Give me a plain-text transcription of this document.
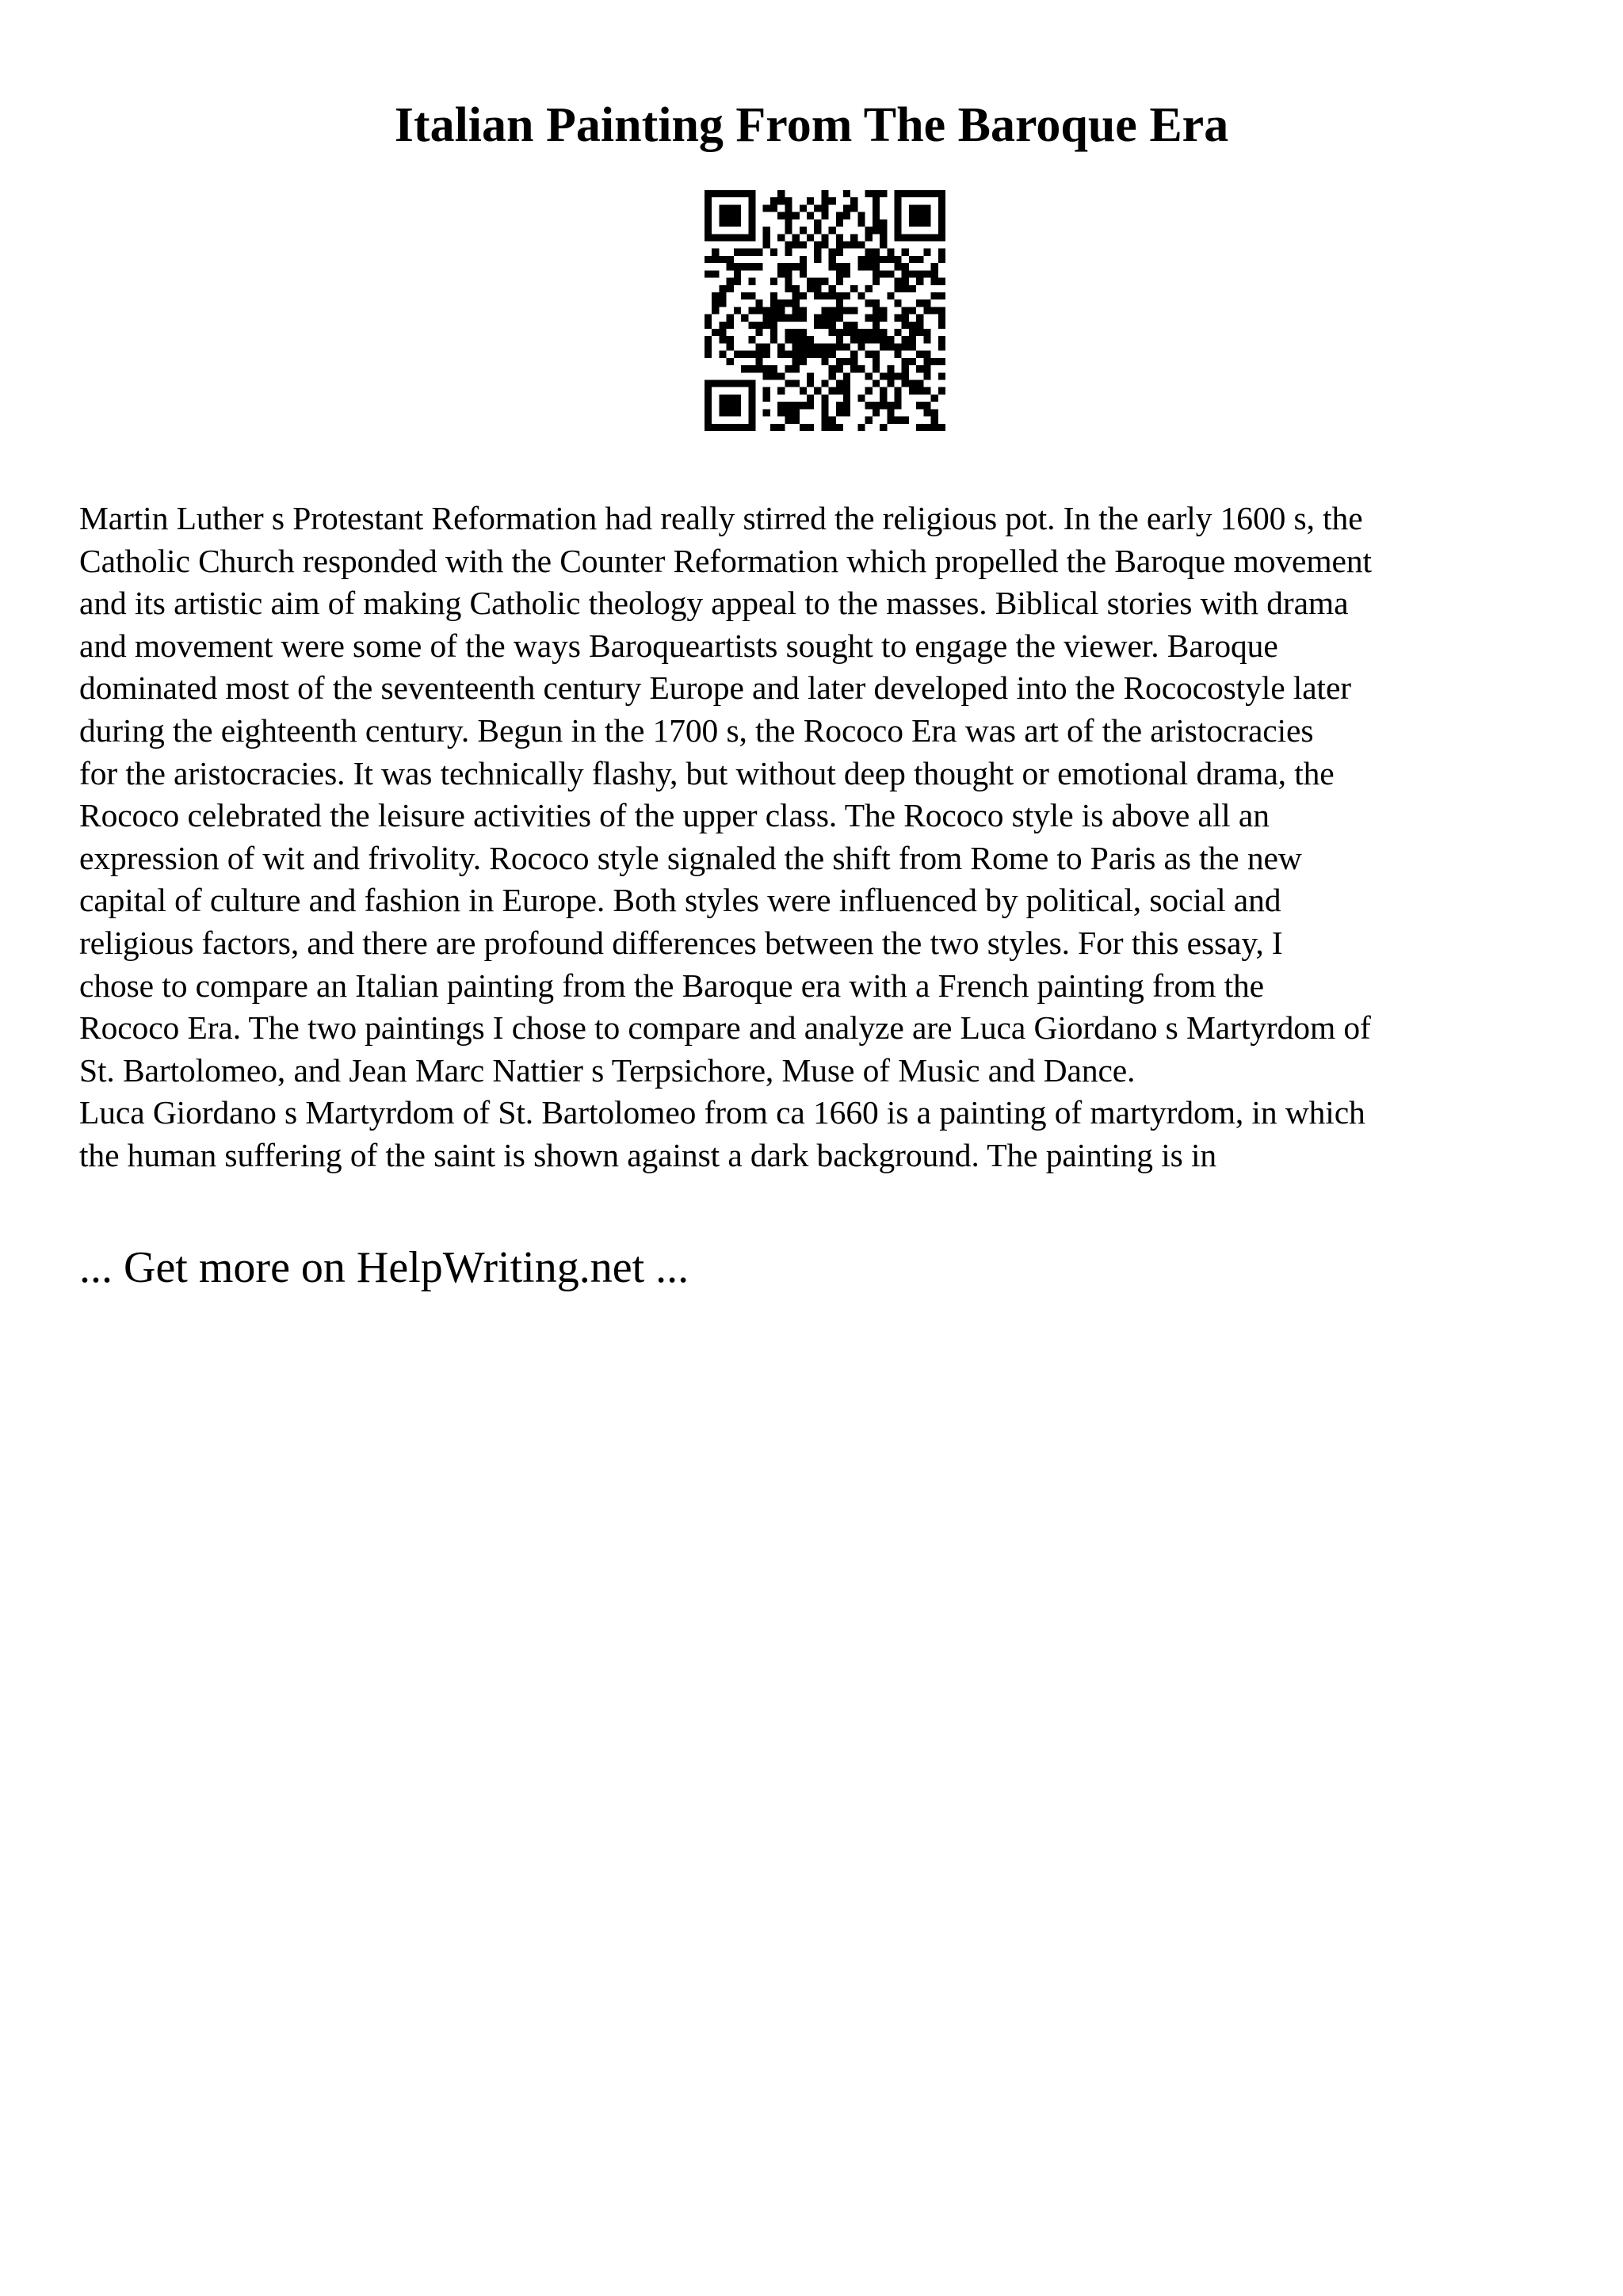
Italian Painting From The Baroque Era
Martin Luther s Protestant Reformation had really stirred the religious pot. In the early 1600 s, the
Catholic Church responded with the Counter Reformation which propelled the Baroque movement
and its artistic aim of making Catholic theology appeal to the masses. Biblical stories with drama
and movement were some of the ways Baroqueartists sought to engage the viewer. Baroque
dominated most of the seventeenth century Europe and later developed into the Rococostyle later
during the eighteenth century. Begun in the 1700 s, the Rococo Era was art of the aristocracies
for the aristocracies. It was technically flashy, but without deep thought or emotional drama, the
Rococo celebrated the leisure activities of the upper class. The Rococo style is above all an
expression of wit and frivolity. Rococo style signaled the shift from Rome to Paris as the new
capital of culture and fashion in Europe. Both styles were influenced by political, social and
religious factors, and there are profound differences between the two styles. For this essay, I
chose to compare an Italian painting from the Baroque era with a French painting from the
Rococo Era. The two paintings I chose to compare and analyze are Luca Giordano s Martyrdom of
St. Bartolomeo, and Jean Marc Nattier s Terpsichore, Muse of Music and Dance.
Luca Giordano s Martyrdom of St. Bartolomeo from ca 1660 is a painting of martyrdom, in which
the human suffering of the saint is shown against a dark background. The painting is in

... Get more on HelpWriting.net ...
